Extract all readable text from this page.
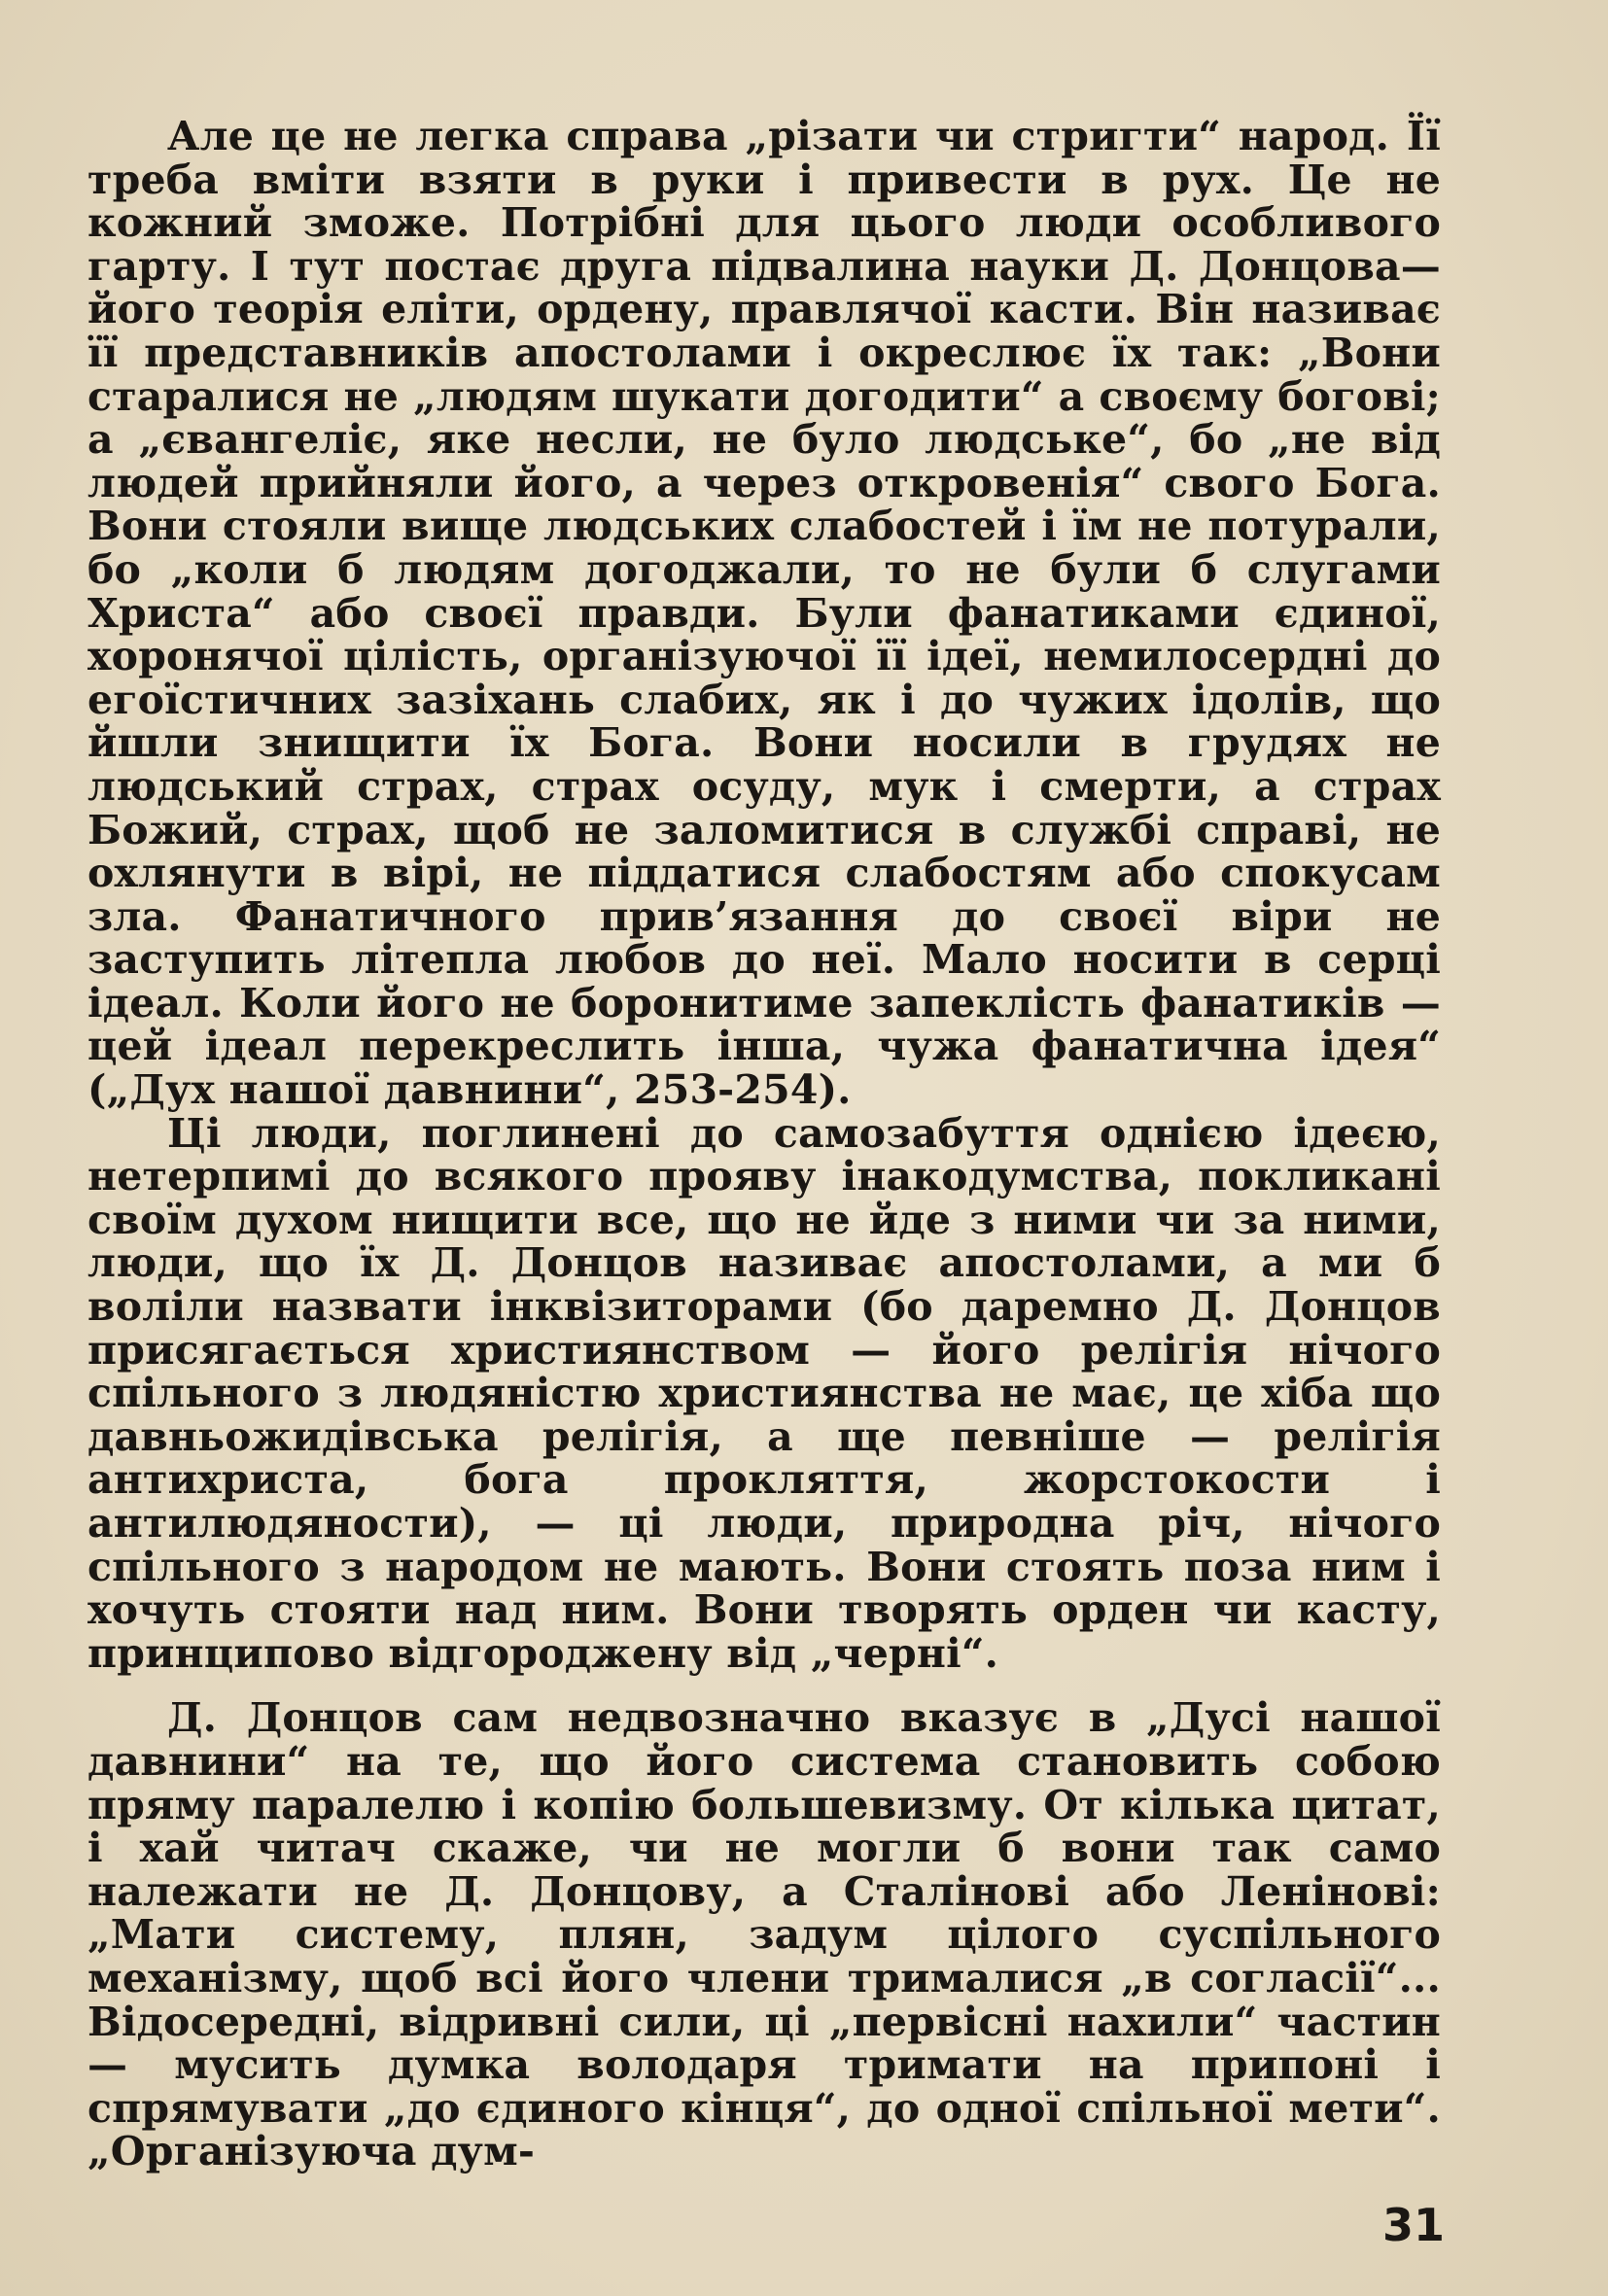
Але це не легка справа „різати чи стригти“ народ. Її треба вміти взяти в руки і привести в рух. Це не кожний зможе. Потрібні для цього люди особливого гарту. І тут постає друга підвалина науки Д. Донцова—його теорія еліти, ордену, правлячої касти. Він називає її представників апостолами і окреслює їх так: „Вони старалися не „людям шукати догодити“ а своєму богові; а „євангеліє, яке несли, не було людське“, бо „не від людей прийняли його, а через откровенія“ свого Бога. Вони стояли вище людських слабостей і їм не потурали, бо „коли б людям догоджали, то не були б слугами Христа“ або своєї правди. Були фанатиками єдиної, хоронячої цілість, організуючої її ідеї, немилосердні до егоїстичних зазіхань слабих, як і до чужих ідолів, що йшли знищити їх Бога. Вони носили в грудях не людський страх, страх осуду, мук і смерти, а страх Божий, страх, щоб не заломитися в службі справі, не охлянути в вірі, не піддатися слабостям або спокусам зла. Фанатичного прив’язання до своєї віри не заступить літепла любов до неї. Мало носити в серці ідеал. Коли його не боронитиме запеклість фанатиків — цей ідеал перекреслить інша, чужа фанатична ідея“ („Дух нашої давнини“, 253-254).

Ці люди, поглинені до самозабуття однією ідеєю, нетерпимі до всякого прояву інакодумства, покликані своїм духом нищити все, що не йде з ними чи за ними, люди, що їх Д. Донцов називає апостолами, а ми б воліли назвати інквізиторами (бо даремно Д. Донцов присягається християнством — його релігія нічого спільного з людяністю християнства не має, це хіба що давньожидівська релігія, а ще певніше — релігія антихриста, бога прокляття, жорстокости і антилюдяности), — ці люди, природна річ, нічого спільного з народом не мають. Вони стоять поза ним і хочуть стояти над ним. Вони творять орден чи касту, принципово відгороджену від „черні“.

Д. Донцов сам недвозначно вказує в „Дусі нашої давнини“ на те, що його система становить собою пряму паралелю і копію большевизму. От кілька цитат, і хай читач скаже, чи не могли б вони так само належати не Д. Донцову, а Сталінові або Ленінові: „Мати систему, плян, задум цілого суспільного механізму, щоб всі його члени трималися „в согласії“... Відосередні, відривні сили, ці „первісні нахили“ частин — мусить думка володаря тримати на припоні і спрямувати „до єдиного кінця“, до одної спільної мети“. „Організуюча дум-

31
